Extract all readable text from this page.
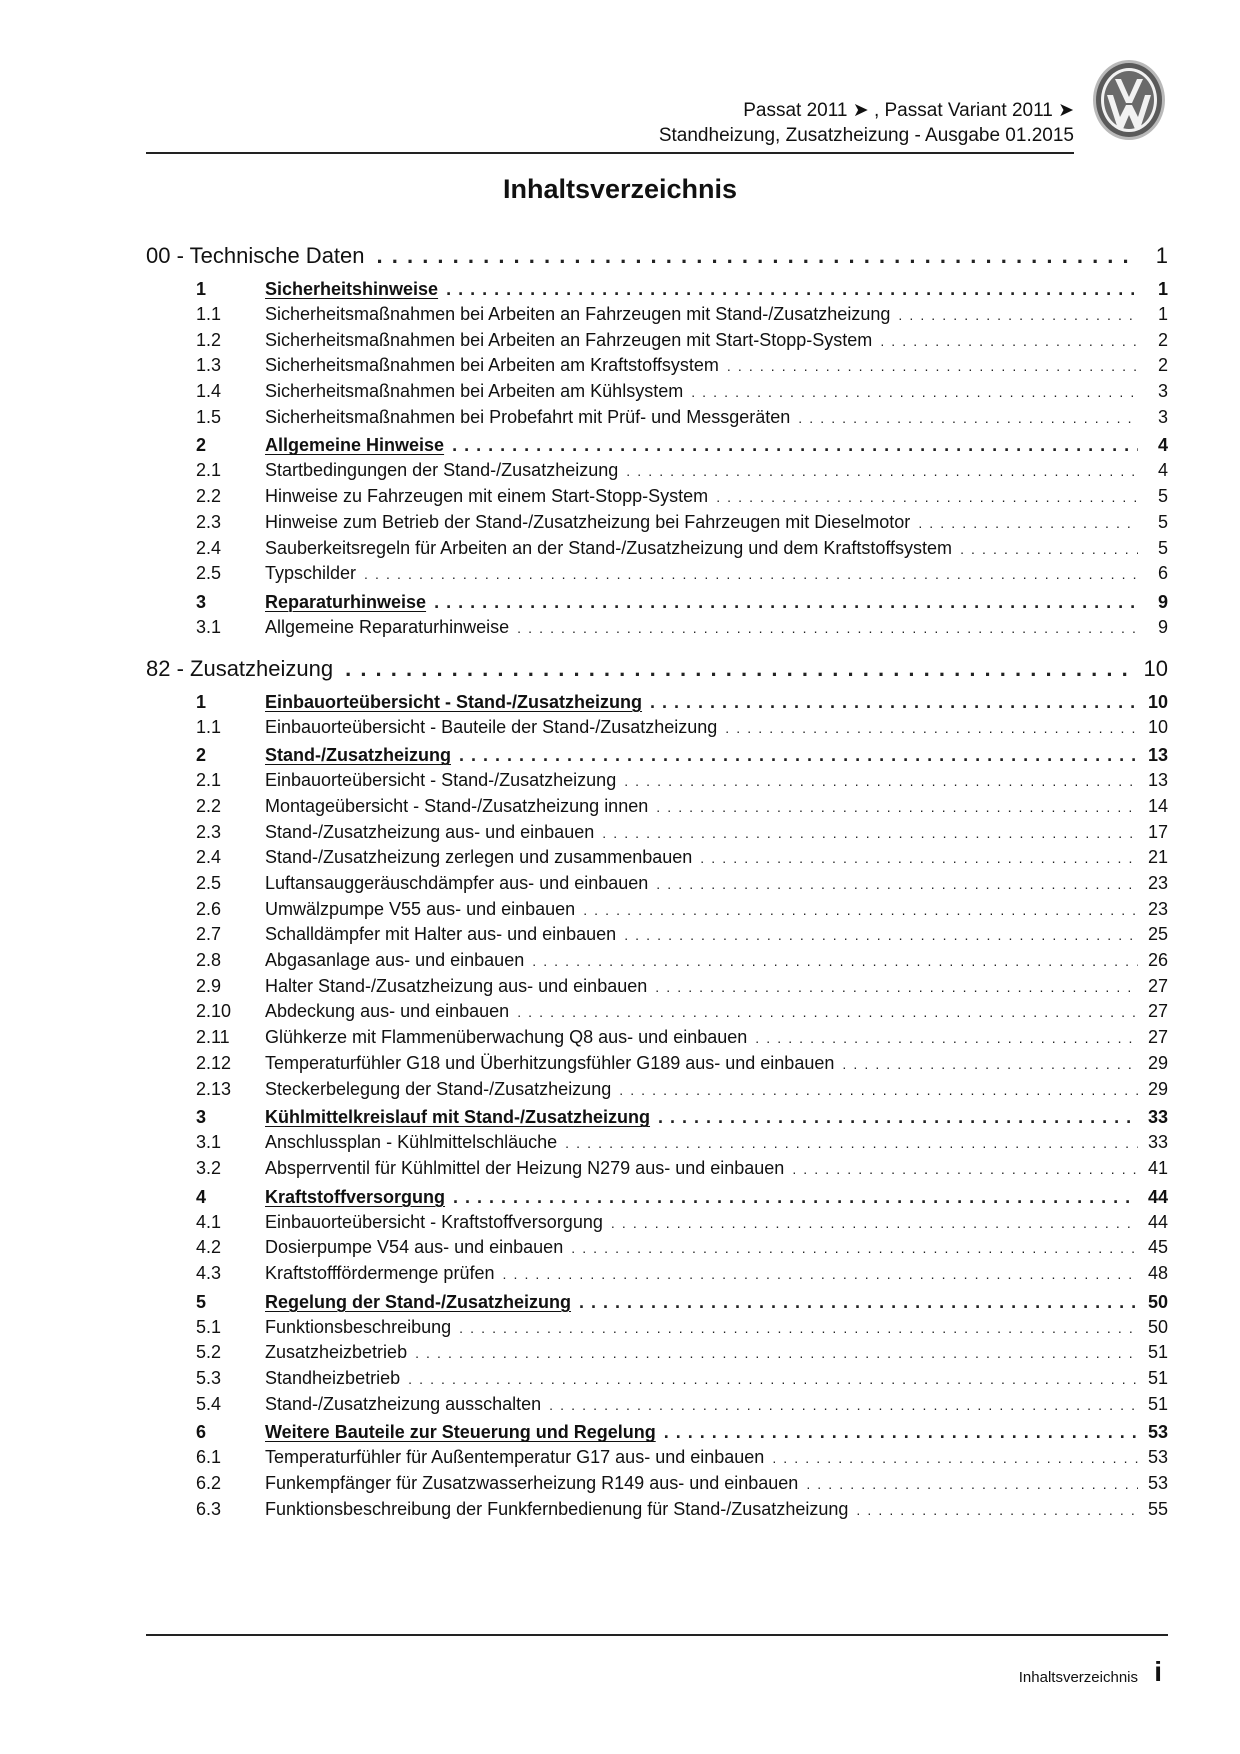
Passat 2011 ➤ , Passat Variant 2011 ➤
Standheizung, Zusatzheizung - Ausgabe 01.2015
Inhaltsverzeichnis
00 - Technische Daten . . .	1
1	Sicherheitshinweise . . .	1
1.1	Sicherheitsmaßnahmen bei Arbeiten an Fahrzeugen mit Stand-/Zusatzheizung . . .	1
1.2	Sicherheitsmaßnahmen bei Arbeiten an Fahrzeugen mit Start-Stopp-System . . .	2
1.3	Sicherheitsmaßnahmen bei Arbeiten am Kraftstoffsystem . . .	2
1.4	Sicherheitsmaßnahmen bei Arbeiten am Kühlsystem . . .	3
1.5	Sicherheitsmaßnahmen bei Probefahrt mit Prüf- und Messgeräten . . .	3
2	Allgemeine Hinweise . . .	4
2.1	Startbedingungen der Stand-/Zusatzheizung . . .	4
2.2	Hinweise zu Fahrzeugen mit einem Start-Stopp-System . . .	5
2.3	Hinweise zum Betrieb der Stand-/Zusatzheizung bei Fahrzeugen mit Dieselmotor . . .	5
2.4	Sauberkeitsregeln für Arbeiten an der Stand-/Zusatzheizung und dem Kraftstoffsystem . . .	5
2.5	Typschilder . . .	6
3	Reparaturhinweise . . .	9
3.1	Allgemeine Reparaturhinweise . . .	9
82 - Zusatzheizung . . .	10
1	Einbauorteübersicht - Stand-/Zusatzheizung . . .	10
1.1	Einbauorteübersicht - Bauteile der Stand-/Zusatzheizung . . .	10
2	Stand-/Zusatzheizung . . .	13
2.1	Einbauorteübersicht - Stand-/Zusatzheizung . . .	13
2.2	Montageübersicht - Stand-/Zusatzheizung innen . . .	14
2.3	Stand-/Zusatzheizung aus- und einbauen . . .	17
2.4	Stand-/Zusatzheizung zerlegen und zusammenbauen . . .	21
2.5	Luftansauggeräuschdämpfer aus- und einbauen . . .	23
2.6	Umwälzpumpe V55 aus- und einbauen . . .	23
2.7	Schalldämpfer mit Halter aus- und einbauen . . .	25
2.8	Abgasanlage aus- und einbauen . . .	26
2.9	Halter Stand-/Zusatzheizung aus- und einbauen . . .	27
2.10	Abdeckung aus- und einbauen . . .	27
2.11	Glühkerze mit Flammenüberwachung Q8 aus- und einbauen . . .	27
2.12	Temperaturfühler G18 und Überhitzungsfühler G189 aus- und einbauen . . .	29
2.13	Steckerbelegung der Stand-/Zusatzheizung . . .	29
3	Kühlmittelkreislauf mit Stand-/Zusatzheizung . . .	33
3.1	Anschlussplan - Kühlmittelschläuche . . .	33
3.2	Absperrventil für Kühlmittel der Heizung N279 aus- und einbauen . . .	41
4	Kraftstoffversorgung . . .	44
4.1	Einbauorteübersicht - Kraftstoffversorgung . . .	44
4.2	Dosierpumpe V54 aus- und einbauen . . .	45
4.3	Kraftstofffördermenge prüfen . . .	48
5	Regelung der Stand-/Zusatzheizung . . .	50
5.1	Funktionsbeschreibung . . .	50
5.2	Zusatzheizbetrieb . . .	51
5.3	Standheizbetrieb . . .	51
5.4	Stand-/Zusatzheizung ausschalten . . .	51
6	Weitere Bauteile zur Steuerung und Regelung . . .	53
6.1	Temperaturfühler für Außentemperatur G17 aus- und einbauen . . .	53
6.2	Funkempfänger für Zusatzwasserheizung R149 aus- und einbauen . . .	53
6.3	Funktionsbeschreibung der Funkfernbedienung für Stand-/Zusatzheizung . . .	55
Inhaltsverzeichnis i
